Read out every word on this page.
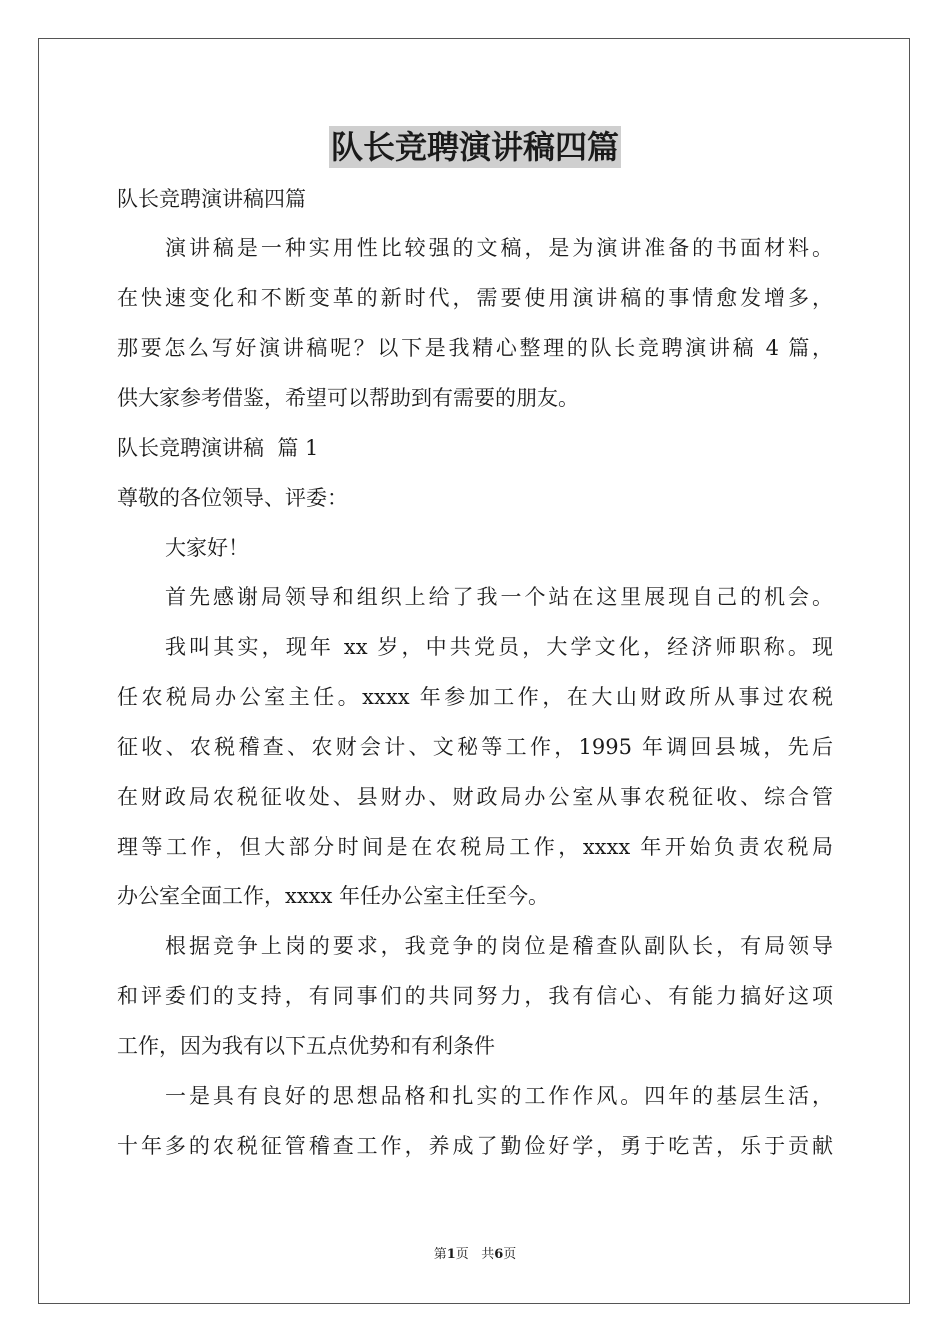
队长竞聘演讲稿四篇
队长竞聘演讲稿四篇
演讲稿是一种实用性比较强的文稿，是为演讲准备的书面材料。
在快速变化和不断变革的新时代，需要使用演讲稿的事情愈发增多，
那要怎么写好演讲稿呢？以下是我精心整理的队长竞聘演讲稿 4 篇，
供大家参考借鉴，希望可以帮助到有需要的朋友。
队长竞聘演讲稿  篇 1
尊敬的各位领导、评委：
大家好！
首先感谢局领导和组织上给了我一个站在这里展现自己的机会。
我叫其实，现年 xx 岁，中共党员，大学文化，经济师职称。现
任农税局办公室主任。xxxx 年参加工作，在大山财政所从事过农税
征收、农税稽查、农财会计、文秘等工作，1995 年调回县城，先后
在财政局农税征收处、县财办、财政局办公室从事农税征收、综合管
理等工作，但大部分时间是在农税局工作，xxxx 年开始负责农税局
办公室全面工作，xxxx 年任办公室主任至今。
根据竞争上岗的要求，我竞争的岗位是稽查队副队长，有局领导
和评委们的支持，有同事们的共同努力，我有信心、有能力搞好这项
工作，因为我有以下五点优势和有利条件
一是具有良好的思想品格和扎实的工作作风。四年的基层生活，
十年多的农税征管稽查工作，养成了勤俭好学，勇于吃苦，乐于贡献
第1页   共6页
